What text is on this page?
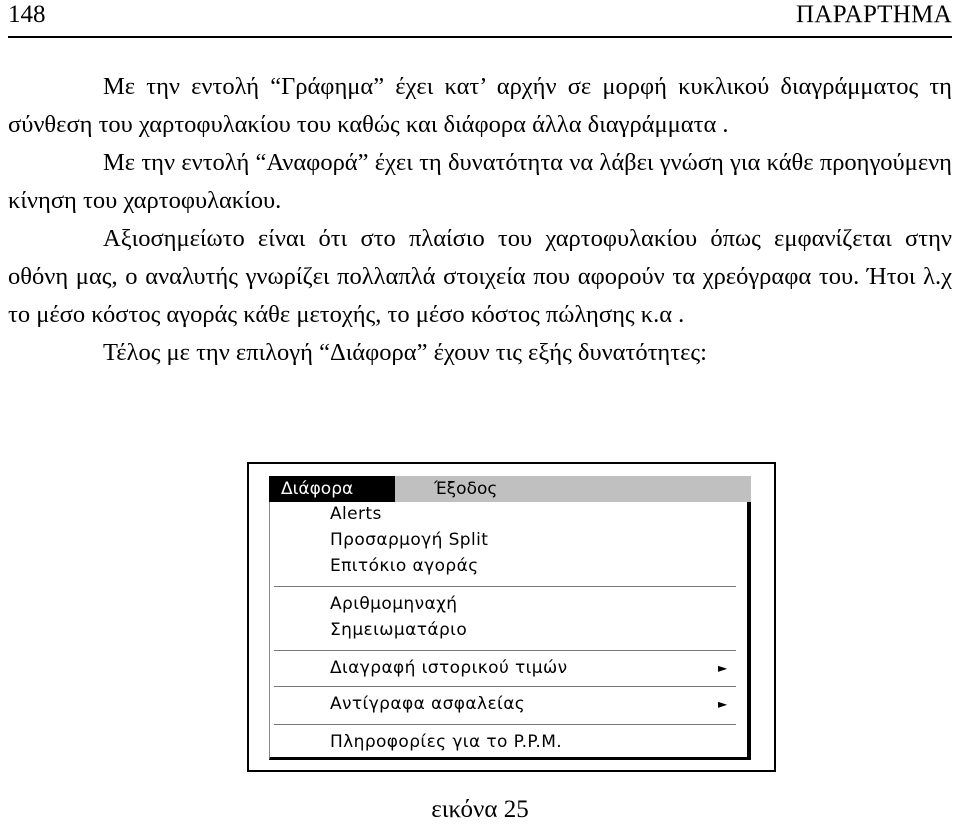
148	ΠΑΡΑΡΤΗΜΑ

Με την εντολή “Γράφημα” έχει κατ’ αρχήν σε μορφή κυκλικού διαγράμματος τη σύνθεση του χαρτοφυλακίου του καθώς και διάφορα άλλα διαγράμματα .

Με την εντολή “Αναφορά” έχει τη δυνατότητα να λάβει γνώση για κάθε προηγούμενη κίνηση του χαρτοφυλακίου.

Αξιοσημείωτο είναι ότι στο πλαίσιο του χαρτοφυλακίου όπως εμφανίζεται στην οθόνη μας, ο αναλυτής γνωρίζει πολλαπλά στοιχεία που αφορούν τα χρεόγραφα του. Ήτοι λ.χ το μέσο κόστος αγοράς κάθε μετοχής, το μέσο κόστος πώλησης κ.α .

Τέλος με την επιλογή “Διάφορα” έχουν τις εξής δυνατότητες:

Διάφορα	Έξοδος
Alerts
Προσαρμογή Split
Επιτόκιο αγοράς
Αριθμομηναχή
Σημειωματάριο
Διαγραφή ιστορικού τιμών	►
Αντίγραφα ασφαλείας	►
Πληροφορίες για το P.P.M.
εικόνα 25
